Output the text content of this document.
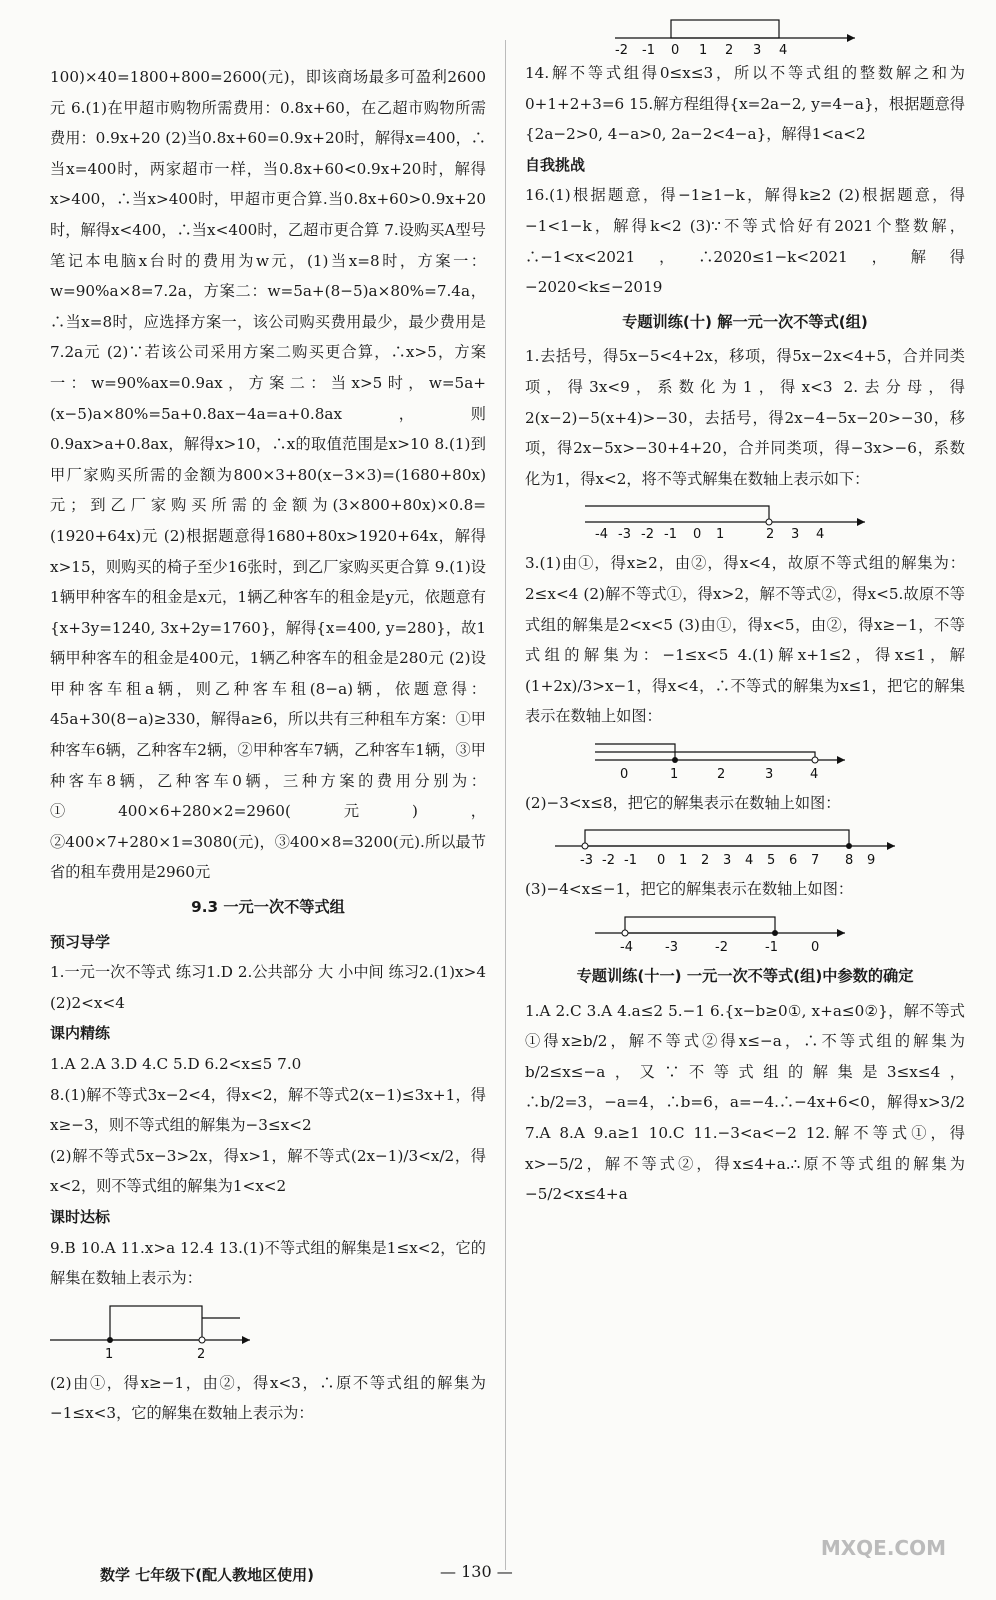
100)×40=1800+800=2600(元)，即该商场最多可盈利2600元 6.(1)在甲超市购物所需费用：0.8x+60，在乙超市购物所需费用：0.9x+20 (2)当0.8x+60=0.9x+20时，解得x=400，∴当x=400时，两家超市一样，当0.8x+60<0.9x+20时，解得x>400，∴当x>400时，甲超市更合算.当0.8x+60>0.9x+20时，解得x<400，∴当x<400时，乙超市更合算 7.设购买A型号笔记本电脑x台时的费用为w元，(1)当x=8时，方案一：w=90%a×8=7.2a，方案二：w=5a+(8−5)a×80%=7.4a，∴当x=8时，应选择方案一，该公司购买费用最少，最少费用是7.2a元 (2)∵若该公司采用方案二购买更合算，∴x>5，方案一：w=90%ax=0.9ax，方案二：当x>5时，w=5a+(x−5)a×80%=5a+0.8ax−4a=a+0.8ax，则0.9ax>a+0.8ax，解得x>10，∴x的取值范围是x>10 8.(1)到甲厂家购买所需的金额为800×3+80(x−3×3)=(1680+80x)元；到乙厂家购买所需的金额为(3×800+80x)×0.8=(1920+64x)元 (2)根据题意得1680+80x>1920+64x，解得x>15，则购买的椅子至少16张时，到乙厂家购买更合算 9.(1)设1辆甲种客车的租金是x元，1辆乙种客车的租金是y元，依题意有{x+3y=1240, 3x+2y=1760}，解得{x=400, y=280}，故1辆甲种客车的租金是400元，1辆乙种客车的租金是280元 (2)设甲种客车租a辆，则乙种客车租(8−a)辆，依题意得：45a+30(8−a)≥330，解得a≥6，所以共有三种租车方案：①甲种客车6辆，乙种客车2辆，②甲种客车7辆，乙种客车1辆，③甲种客车8辆，乙种客车0辆，三种方案的费用分别为：①400×6+280×2=2960(元)，②400×7+280×1=3080(元)，③400×8=3200(元).所以最节省的租车费用是2960元

9.3 一元一次不等式组

预习导学

1.一元一次不等式 练习1.D 2.公共部分 大 小中间 练习2.(1)x>4 (2)2<x<4

课内精练

1.A 2.A 3.D 4.C 5.D 6.2<x≤5 7.0

8.(1)解不等式3x−2<4，得x<2，解不等式2(x−1)≤3x+1，得x≥−3，则不等式组的解集为−3≤x<2

(2)解不等式5x−3>2x，得x>1，解不等式(2x−1)/3<x/2，得x<2，则不等式组的解集为1<x<2

课时达标

9.B 10.A 11.x>a 12.4 13.(1)不等式组的解集是1≤x<2，它的解集在数轴上表示为：

1	2

(2)由①，得x≥−1，由②，得x<3，∴原不等式组的解集为−1≤x<3，它的解集在数轴上表示为：

-2 -1 0 1 2 3 4

14.解不等式组得0≤x≤3，所以不等式组的整数解之和为0+1+2+3=6 15.解方程组得{x=2a−2, y=4−a}，根据题意得{2a−2>0, 4−a>0, 2a−2<4−a}，解得1<a<2

自我挑战

16.(1)根据题意，得−1≥1−k，解得k≥2 (2)根据题意，得−1<1−k，解得k<2 (3)∵不等式恰好有2021个整数解，∴−1<x<2021，∴2020≤1−k<2021，解得−2020<k≤−2019

专题训练(十) 解一元一次不等式(组)

1.去括号，得5x−5<4+2x，移项，得5x−2x<4+5，合并同类项，得3x<9，系数化为1，得x<3 2.去分母，得2(x−2)−5(x+4)>−30，去括号，得2x−4−5x−20>−30，移项，得2x−5x>−30+4+20，合并同类项，得−3x>−6，系数化为1，得x<2，将不等式解集在数轴上表示如下：

-4 -3 -2 -1 0 1	2 3 4

3.(1)由①，得x≥2，由②，得x<4，故原不等式组的解集为：2≤x<4 (2)解不等式①，得x>2，解不等式②，得x<5.故原不等式组的解集是2<x<5 (3)由①，得x<5，由②，得x≥−1，不等式组的解集为：−1≤x<5 4.(1)解x+1≤2，得x≤1，解(1+2x)/3>x−1，得x<4，∴不等式的解集为x≤1，把它的解集表示在数轴上如图：

0	1	2	3	4

(2)−3<x≤8，把它的解集表示在数轴上如图：

-3 -2 -1 0 1 2 3 4 5 6 7 8 9

(3)−4<x≤−1，把它的解集表示在数轴上如图：

-4 -3	-2	-1	0

专题训练(十一) 一元一次不等式(组)中参数的确定

1.A 2.C 3.A 4.a≤2 5.−1 6.{x−b≥0①, x+a≤0②}，解不等式①得x≥b/2，解不等式②得x≤−a，∴不等式组的解集为b/2≤x≤−a，又∵不等式组的解集是3≤x≤4，∴b/2=3，−a=4，∴b=6，a=−4.∴−4x+6<0，解得x>3/2 7.A 8.A 9.a≥1 10.C 11.−3<a<−2 12.解不等式①，得x>−5/2，解不等式②，得x≤4+a.∴原不等式组的解集为−5/2<x≤4+a

数学 七年级下(配人教地区使用)	— 130 —
MXQE.COM
